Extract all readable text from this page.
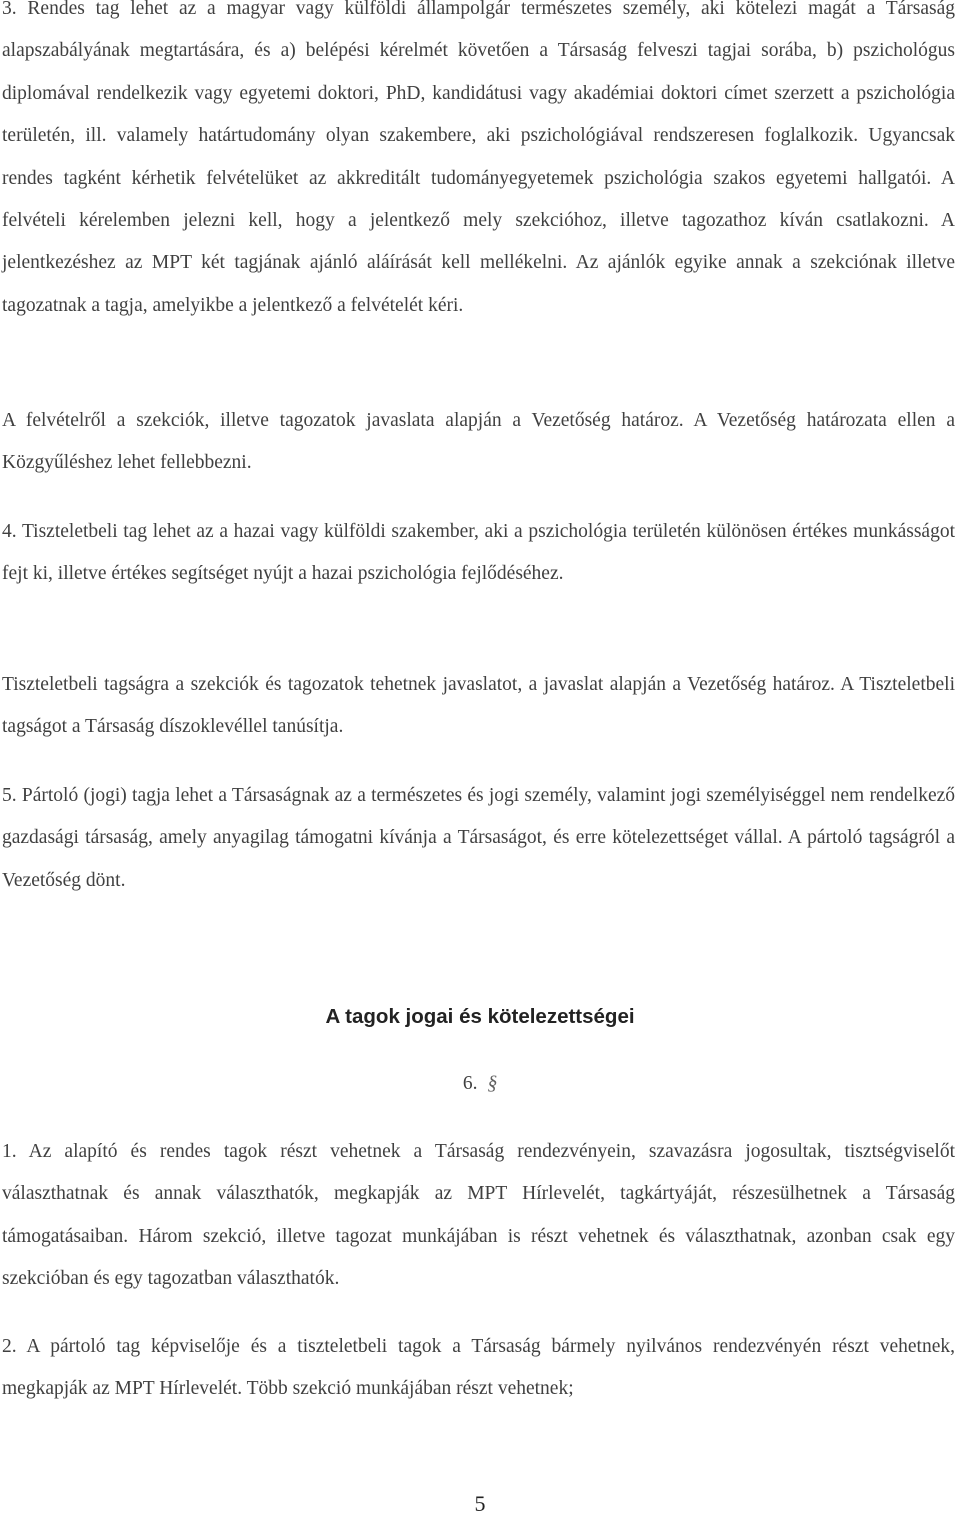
3. Rendes tag lehet az a magyar vagy külföldi állampolgár természetes személy, aki kötelezi magát a Társaság alapszabályának megtartására, és a) belépési kérelmét követően a Társaság felveszi tagjai sorába, b) pszichológus diplomával rendelkezik vagy egyetemi doktori, PhD, kandidátusi vagy akadémiai doktori címet szerzett a pszichológia területén, ill. valamely határtudomány olyan szakembere, aki pszichológiával rendszeresen foglalkozik. Ugyancsak rendes tagként kérhetik felvételüket az akkreditált tudományegyetemek pszichológia szakos egyetemi hallgatói. A felvételi kérelemben jelezni kell, hogy a jelentkező mely szekcióhoz, illetve tagozathoz kíván csatlakozni. A jelentkezéshez az MPT két tagjának ajánló aláírását kell mellékelni. Az ajánlók egyike annak a szekciónak illetve tagozatnak a tagja, amelyikbe a jelentkező a felvételét kéri.

A felvételről a szekciók, illetve tagozatok javaslata alapján a Vezetőség határoz. A Vezetőség határozata ellen a Közgyűléshez lehet fellebbezni.

4. Tiszteletbeli tag lehet az a hazai vagy külföldi szakember, aki a pszichológia területén különösen értékes munkásságot fejt ki, illetve értékes segítséget nyújt a hazai pszichológia fejlődéséhez.

Tiszteletbeli tagságra a szekciók és tagozatok tehetnek javaslatot, a javaslat alapján a Vezetőség határoz. A Tiszteletbeli tagságot a Társaság díszoklevéllel tanúsítja.

5. Pártoló (jogi) tagja lehet a Társaságnak az a természetes és jogi személy, valamint jogi személyiséggel nem rendelkező gazdasági társaság, amely anyagilag támogatni kívánja a Társaságot, és erre kötelezettséget vállal. A pártoló tagságról a Vezetőség dönt.

A tagok jogai és kötelezettségei
6. §

1. Az alapító és rendes tagok részt vehetnek a Társaság rendezvényein, szavazásra jogosultak, tisztségviselőt választhatnak és annak választhatók, megkapják az MPT Hírlevelét, tagkártyáját, részesülhetnek a Társaság támogatásaiban. Három szekció, illetve tagozat munkájában is részt vehetnek és választhatnak, azonban csak egy szekcióban és egy tagozatban választhatók.

2. A pártoló tag képviselője és a tiszteletbeli tagok a Társaság bármely nyilvános rendezvényén részt vehetnek, megkapják az MPT Hírlevelét. Több szekció munkájában részt vehetnek;

5
